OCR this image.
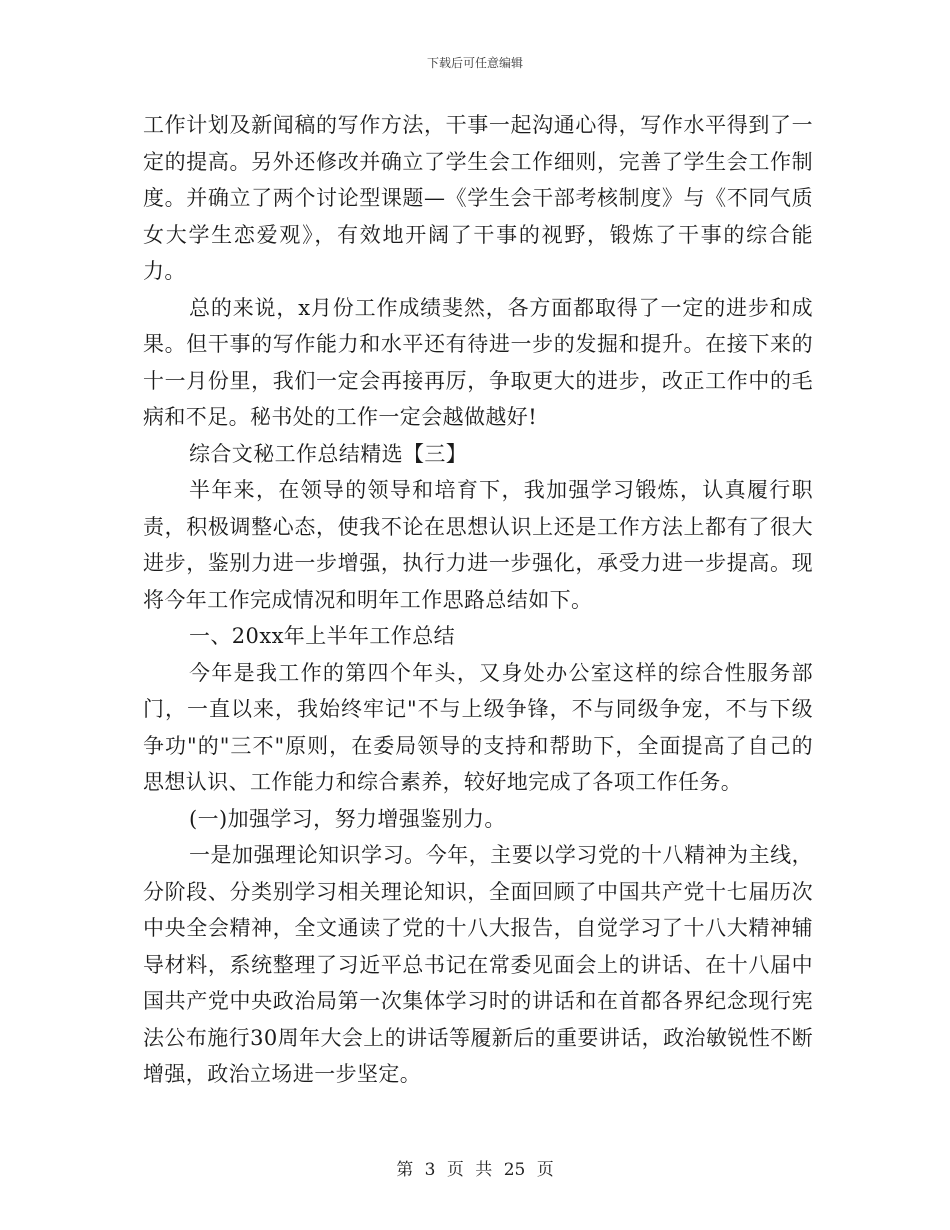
下载后可任意编辑

工作计划及新闻稿的写作方法，干事一起沟通心得，写作水平得到了一定的提高。另外还修改并确立了学生会工作细则，完善了学生会工作制度。并确立了两个讨论型课题—《学生会干部考核制度》与《不同气质女大学生恋爱观》，有效地开阔了干事的视野，锻炼了干事的综合能力。

总的来说，x月份工作成绩斐然，各方面都取得了一定的进步和成果。但干事的写作能力和水平还有待进一步的发掘和提升。在接下来的十一月份里，我们一定会再接再厉，争取更大的进步，改正工作中的毛病和不足。秘书处的工作一定会越做越好!

综合文秘工作总结精选【三】

半年来，在领导的领导和培育下，我加强学习锻炼，认真履行职责，积极调整心态，使我不论在思想认识上还是工作方法上都有了很大进步，鉴别力进一步增强，执行力进一步强化，承受力进一步提高。现将今年工作完成情况和明年工作思路总结如下。

一、20xx年上半年工作总结

今年是我工作的第四个年头，又身处办公室这样的综合性服务部门，一直以来，我始终牢记"不与上级争锋，不与同级争宠，不与下级争功"的"三不"原则，在委局领导的支持和帮助下，全面提高了自己的思想认识、工作能力和综合素养，较好地完成了各项工作任务。

(一)加强学习，努力增强鉴别力。

一是加强理论知识学习。今年，主要以学习党的十八精神为主线，分阶段、分类别学习相关理论知识，全面回顾了中国共产党十七届历次中央全会精神，全文通读了党的十八大报告，自觉学习了十八大精神辅导材料，系统整理了习近平总书记在常委见面会上的讲话、在十八届中国共产党中央政治局第一次集体学习时的讲话和在首都各界纪念现行宪法公布施行30周年大会上的讲话等履新后的重要讲话，政治敏锐性不断增强，政治立场进一步坚定。

第 3 页 共 25 页
